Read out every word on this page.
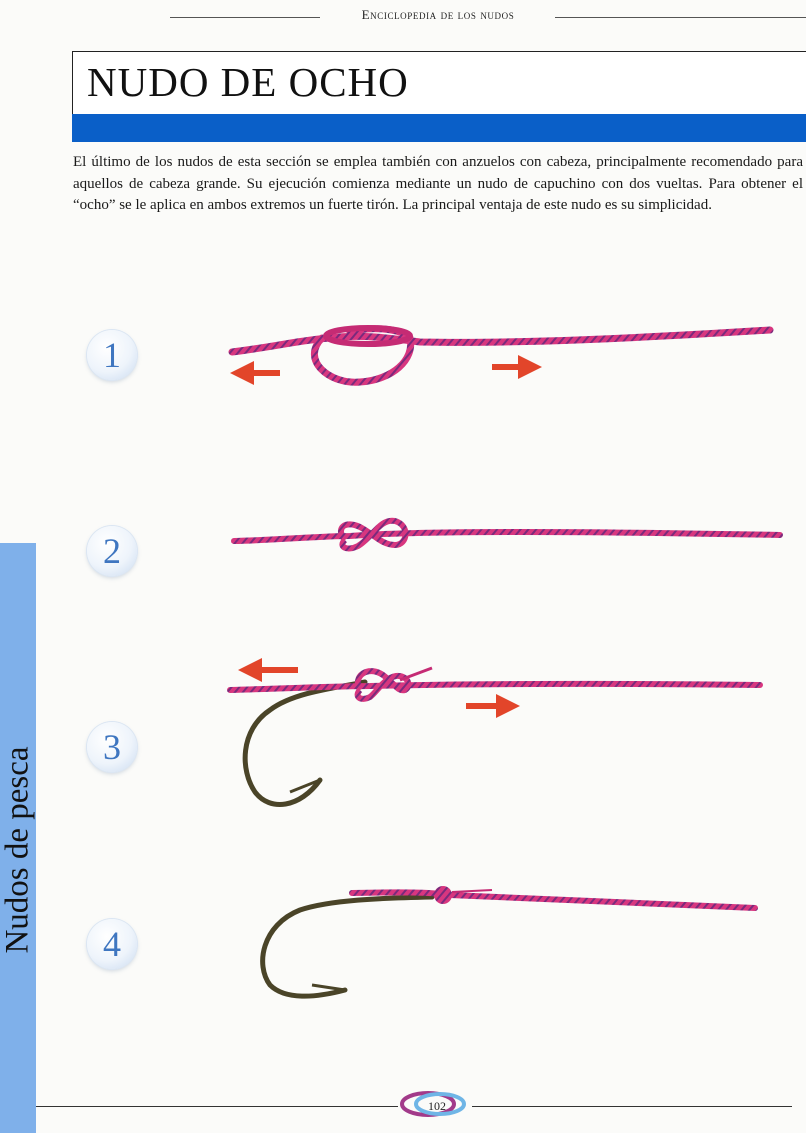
Enciclopedia de los nudos
NUDO DE OCHO

El último de los nudos de esta sección se emplea también con anzuelos con cabeza, principalmente recomendado para aquellos de cabeza grande. Su ejecución comienza mediante un nudo de capuchino con dos vueltas. Para obtener el “ocho” se le aplica en ambos extremos un fuerte tirón. La principal ventaja de este nudo es su simplicidad.

1
2
3
4
Nudos de pesca
102
